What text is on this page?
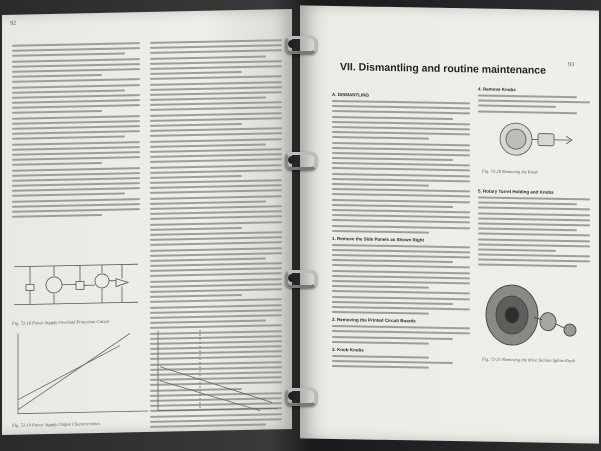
92
Fig. 72-18 Power Supply Overload Protection Circuit
Fig. 72-19 Power Supply Output Characteristics
93
VII. Dismantling and routine maintenance
A. DISMANTLING
1. Remove the Side Panels as Shown Right
2. Removing the Printed Circuit Boards
3. Knob Knobs
4. Remove Knobs
Fig. 72-20 Removing the Knob
5. Rotary Turret Holding and Knobs
Fig. 72-21 Removing the drive Section Spline Knob
